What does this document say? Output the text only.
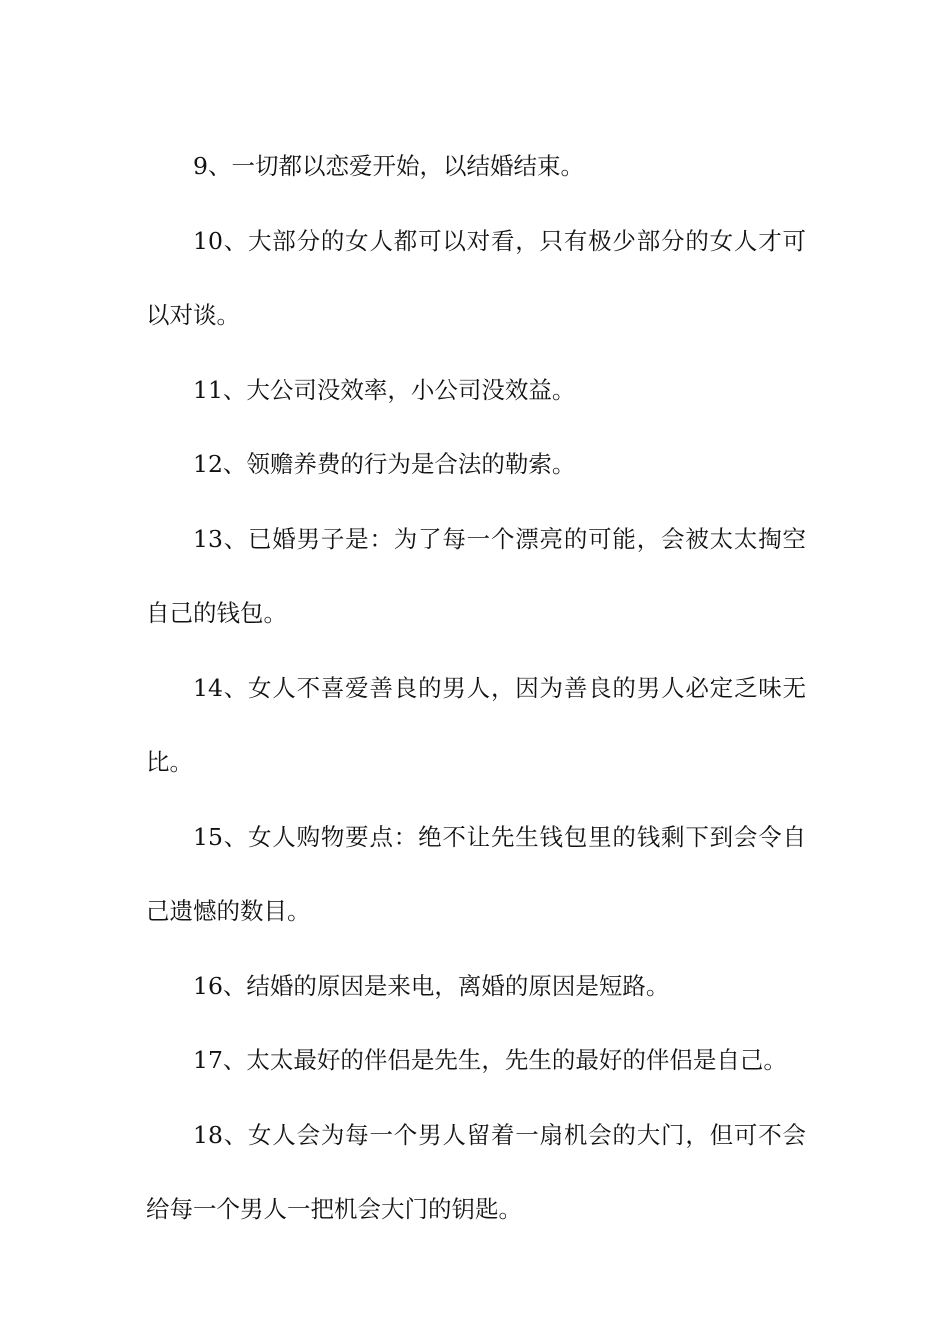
9、一切都以恋爱开始，以结婚结束。

10、大部分的女人都可以对看，只有极少部分的女人才可以对谈。

11、大公司没效率，小公司没效益。

12、领赡养费的行为是合法的勒索。

13、已婚男子是：为了每一个漂亮的可能，会被太太掏空自己的钱包。

14、女人不喜爱善良的男人，因为善良的男人必定乏味无比。

15、女人购物要点：绝不让先生钱包里的钱剩下到会令自己遗憾的数目。

16、结婚的原因是来电，离婚的原因是短路。

17、太太最好的伴侣是先生，先生的最好的伴侣是自己。

18、女人会为每一个男人留着一扇机会的大门，但可不会给每一个男人一把机会大门的钥匙。
